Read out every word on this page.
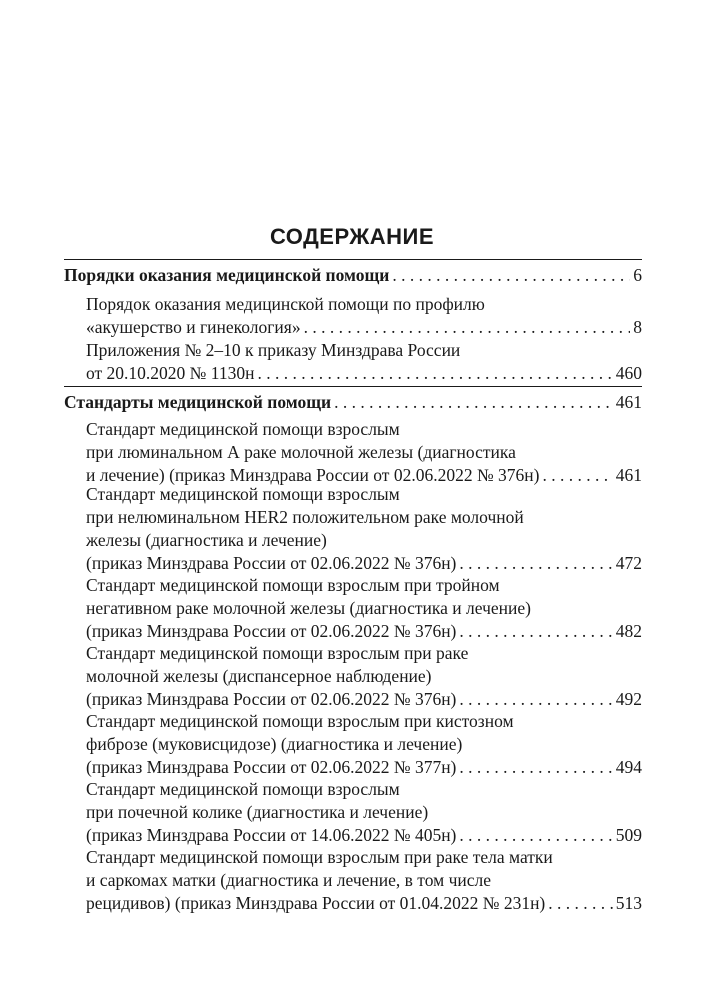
СОДЕРЖАНИЕ
Порядки оказания медицинской помощи . . .	6
Порядок оказания медицинской помощи по профилю
«акушерство и гинекология» . . .	8
Приложения № 2–10 к приказу Минздрава России
от 20.10.2020 № 1130н . . .	460
Стандарты медицинской помощи . . .	461
Стандарт медицинской помощи взрослым
при люминальном А раке молочной железы (диагностика
и лечение) (приказ Минздрава России от 02.06.2022 № 376н) . . .	461
Стандарт медицинской помощи взрослым
при нелюминальном HER2 положительном раке молочной
железы (диагностика и лечение)
(приказ Минздрава России от 02.06.2022 № 376н) . . .	472
Стандарт медицинской помощи взрослым при тройном
негативном раке молочной железы (диагностика и лечение)
(приказ Минздрава России от 02.06.2022 № 376н) . . .	482
Стандарт медицинской помощи взрослым при раке
молочной железы (диспансерное наблюдение)
(приказ Минздрава России от 02.06.2022 № 376н) . . .	492
Стандарт медицинской помощи взрослым при кистозном
фиброзе (муковисцидозе) (диагностика и лечение)
(приказ Минздрава России от 02.06.2022 № 377н) . . .	494
Стандарт медицинской помощи взрослым
при почечной колике (диагностика и лечение)
(приказ Минздрава России от 14.06.2022 № 405н) . . .	509
Стандарт медицинской помощи взрослым при раке тела матки
и саркомах матки (диагностика и лечение, в том числе
рецидивов) (приказ Минздрава России от 01.04.2022 № 231н) . . .	513
